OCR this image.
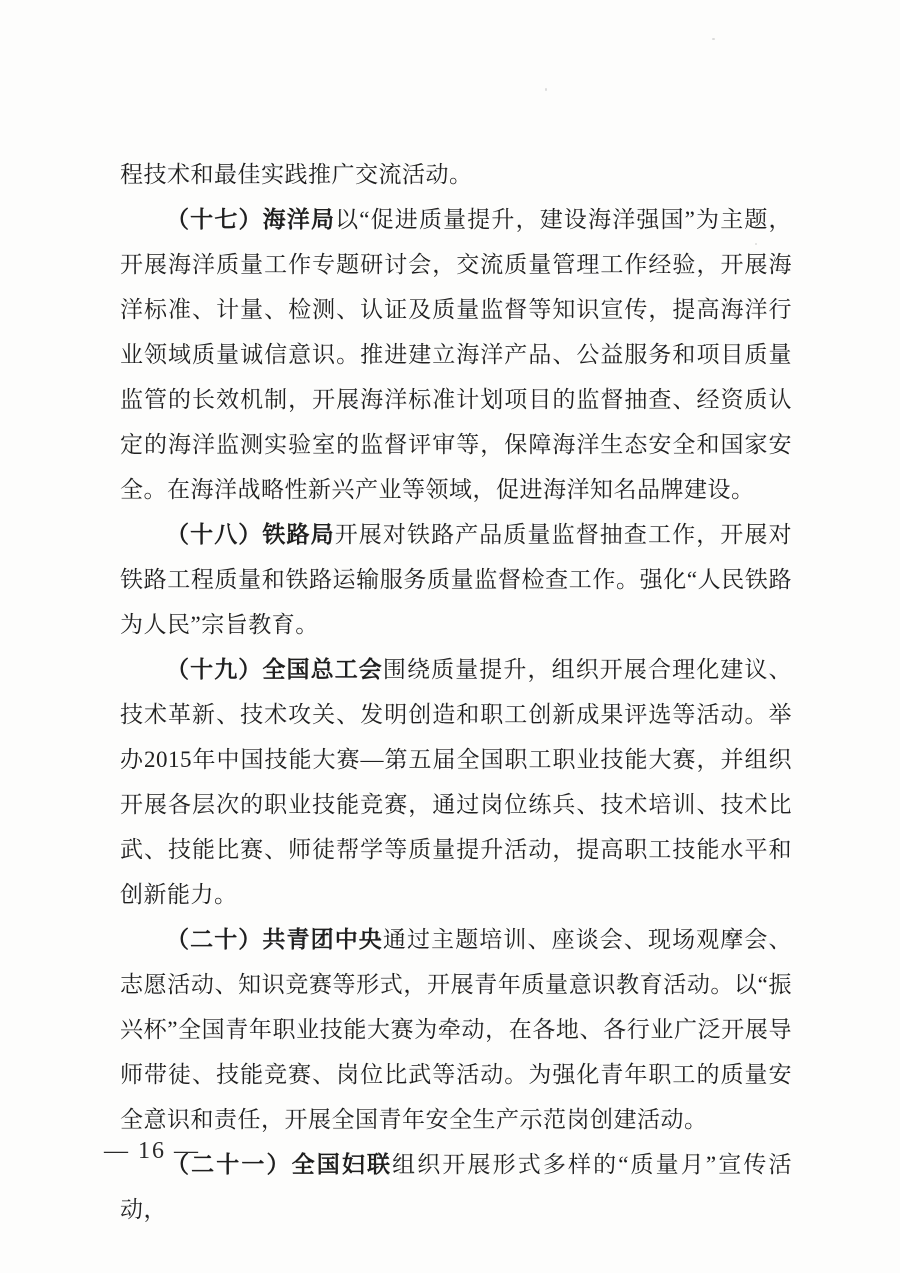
程技术和最佳实践推广交流活动。

（十七）海洋局以“促进质量提升，建设海洋强国”为主题，开展海洋质量工作专题研讨会，交流质量管理工作经验，开展海洋标准、计量、检测、认证及质量监督等知识宣传，提高海洋行业领域质量诚信意识。推进建立海洋产品、公益服务和项目质量监管的长效机制，开展海洋标准计划项目的监督抽查、经资质认定的海洋监测实验室的监督评审等，保障海洋生态安全和国家安全。在海洋战略性新兴产业等领域，促进海洋知名品牌建设。

（十八）铁路局开展对铁路产品质量监督抽查工作，开展对铁路工程质量和铁路运输服务质量监督检查工作。强化“人民铁路为人民”宗旨教育。

（十九）全国总工会围绕质量提升，组织开展合理化建议、技术革新、技术攻关、发明创造和职工创新成果评选等活动。举办2015年中国技能大赛—第五届全国职工职业技能大赛，并组织开展各层次的职业技能竞赛，通过岗位练兵、技术培训、技术比武、技能比赛、师徒帮学等质量提升活动，提高职工技能水平和创新能力。

（二十）共青团中央通过主题培训、座谈会、现场观摩会、志愿活动、知识竞赛等形式，开展青年质量意识教育活动。以“振兴杯”全国青年职业技能大赛为牵动，在各地、各行业广泛开展导师带徒、技能竞赛、岗位比武等活动。为强化青年职工的质量安全意识和责任，开展全国青年安全生产示范岗创建活动。

（二十一）全国妇联组织开展形式多样的“质量月”宣传活动，

— 16 —
